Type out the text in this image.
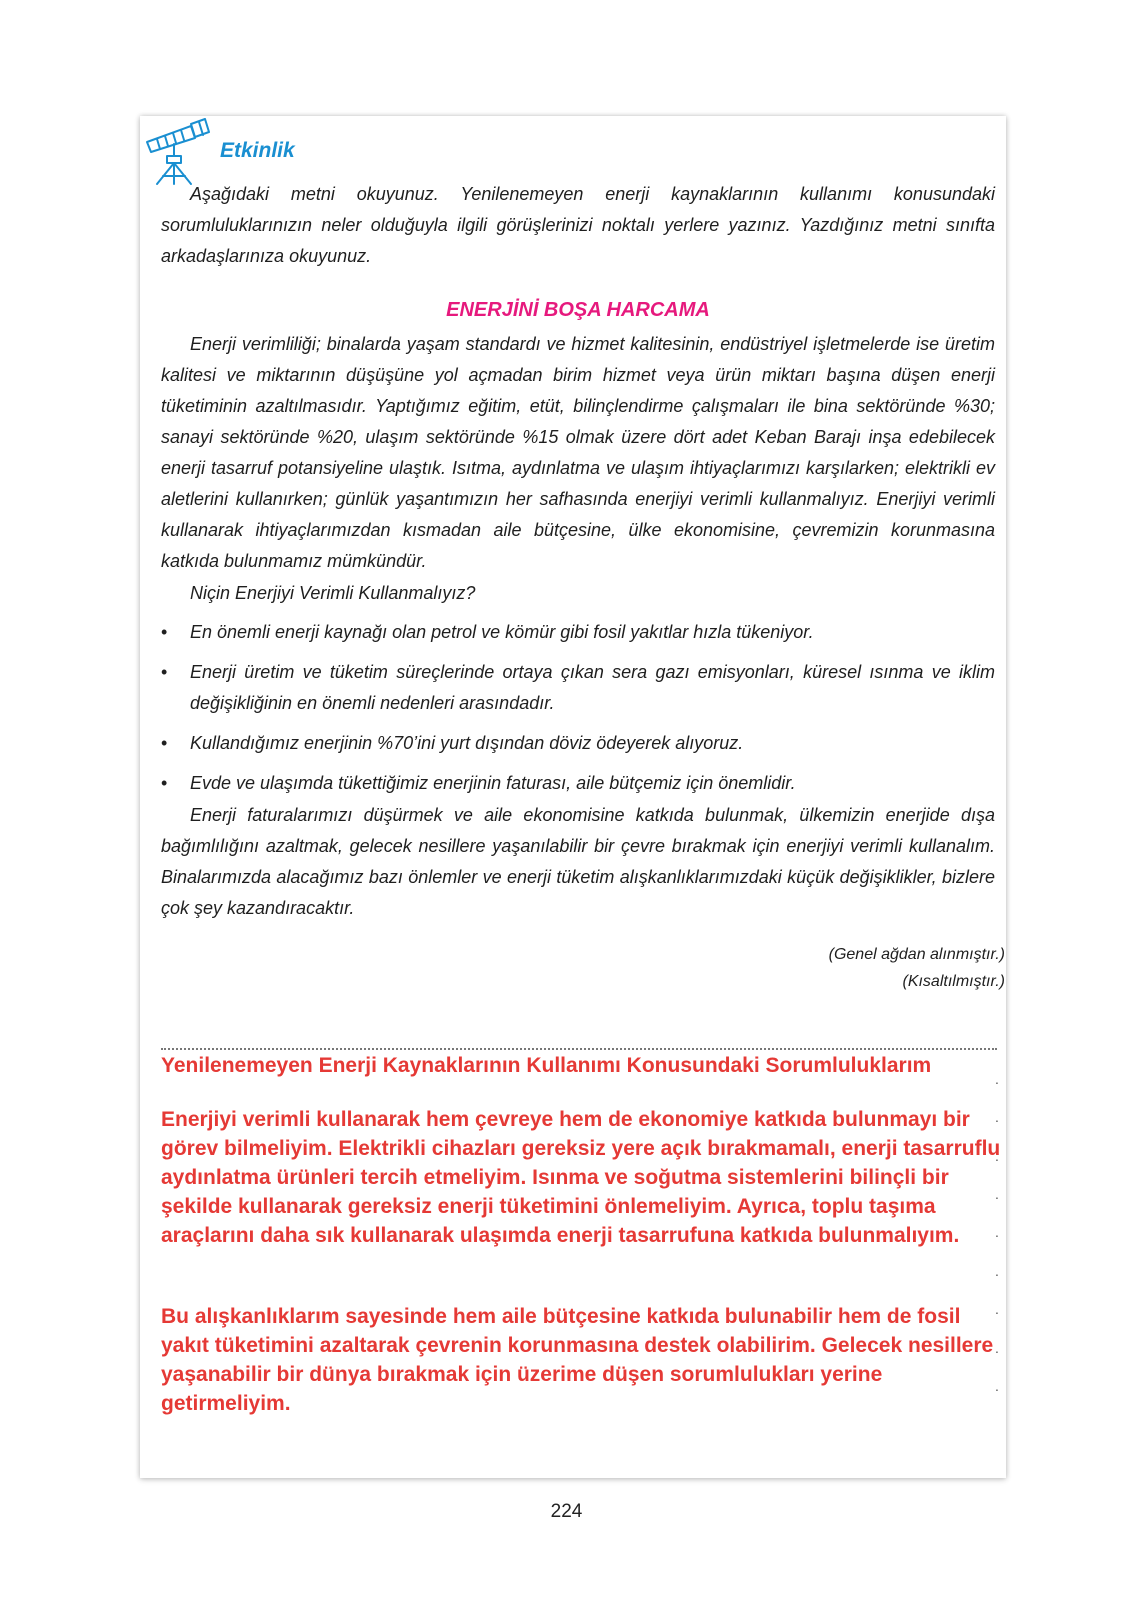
Etkinlik

Aşağıdaki metni okuyunuz. Yenilenemeyen enerji kaynaklarının kullanımı konusundaki sorumluluklarınızın neler olduğuyla ilgili görüşlerinizi noktalı yerlere yazınız. Yazdığınız metni sınıfta arkadaşlarınıza okuyunuz.

ENERJİNİ BOŞA HARCAMA

Enerji verimliliği; binalarda yaşam standardı ve hizmet kalitesinin, endüstriyel işletmelerde ise üretim kalitesi ve miktarının düşüşüne yol açmadan birim hizmet veya ürün miktarı başına düşen enerji tüketiminin azaltılmasıdır. Yaptığımız eğitim, etüt, bilinçlendirme çalışmaları ile bina sektöründe %30; sanayi sektöründe %20, ulaşım sektöründe %15 olmak üzere dört adet Keban Barajı inşa edebilecek enerji tasarruf potansiyeline ulaştık. Isıtma, aydınlatma ve ulaşım ihtiyaçlarımızı karşılarken; elektrikli ev aletlerini kullanırken; günlük yaşantımızın her safhasında enerjiyi verimli kullanmalıyız. Enerjiyi verimli kullanarak ihtiyaçlarımızdan kısmadan aile bütçesine, ülke ekonomisine, çevremizin korunmasına katkıda bulunmamız mümkündür.

Niçin Enerjiyi Verimli Kullanmalıyız?

• En önemli enerji kaynağı olan petrol ve kömür gibi fosil yakıtlar hızla tükeniyor.
• Enerji üretim ve tüketim süreçlerinde ortaya çıkan sera gazı emisyonları, küresel ısınma ve iklim değişikliğinin en önemli nedenleri arasındadır.
• Kullandığımız enerjinin %70’ini yurt dışından döviz ödeyerek alıyoruz.
• Evde ve ulaşımda tükettiğimiz enerjinin faturası, aile bütçemiz için önemlidir.

Enerji faturalarımızı düşürmek ve aile ekonomisine katkıda bulunmak, ülkemizin enerjide dışa bağımlılığını azaltmak, gelecek nesillere yaşanılabilir bir çevre bırakmak için enerjiyi verimli kullanalım. Binalarımızda alacağımız bazı önlemler ve enerji tüketim alışkanlıklarımızdaki küçük değişiklikler, bizlere çok şey kazandıracaktır.

(Genel ağdan alınmıştır.)
(Kısaltılmıştır.)
Yenilenemeyen Enerji Kaynaklarının Kullanımı Konusundaki Sorumluluklarım

Enerjiyi verimli kullanarak hem çevreye hem de ekonomiye katkıda bulunmayı bir görev bilmeliyim. Elektrikli cihazları gereksiz yere açık bırakmamalı, enerji tasarruflu aydınlatma ürünleri tercih etmeliyim. Isınma ve soğutma sistemlerini bilinçli bir şekilde kullanarak gereksiz enerji tüketimini önlemeliyim. Ayrıca, toplu taşıma araçlarını daha sık kullanarak ulaşımda enerji tasarrufuna katkıda bulunmalıyım.

Bu alışkanlıklarım sayesinde hem aile bütçesine katkıda bulunabilir hem de fosil yakıt tüketimini azaltarak çevrenin korunmasına destek olabilirim. Gelecek nesillere yaşanabilir bir dünya bırakmak için üzerime düşen sorumlulukları yerine getirmeliyim.

.
.
.
.
.
.
.
.
.
224
